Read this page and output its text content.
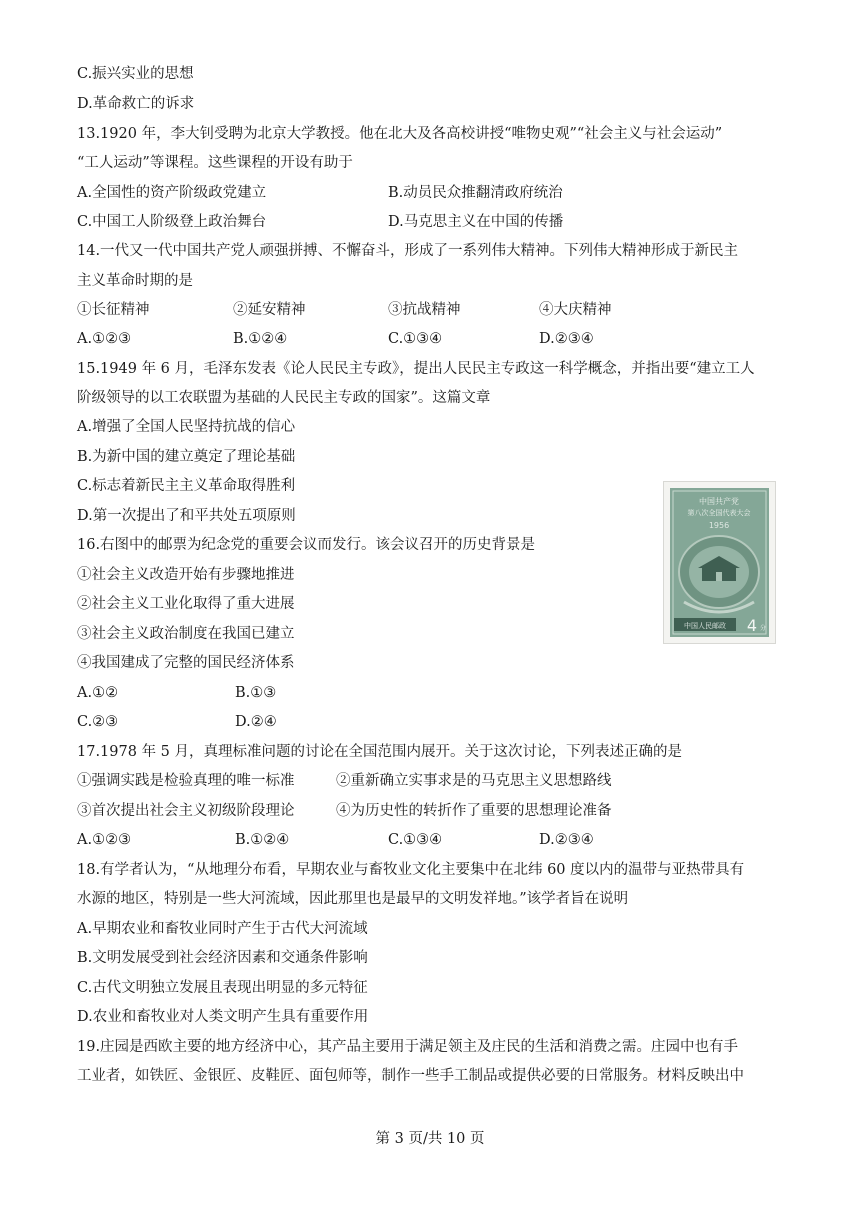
C.振兴实业的思想
D.革命救亡的诉求
13.1920 年，李大钊受聘为北京大学教授。他在北大及各高校讲授“唯物史观”“社会主义与社会运动”
“工人运动”等课程。这些课程的开设有助于
A.全国性的资产阶级政党建立	B.动员民众推翻清政府统治
C.中国工人阶级登上政治舞台	D.马克思主义在中国的传播
14.一代又一代中国共产党人顽强拼搏、不懈奋斗，形成了一系列伟大精神。下列伟大精神形成于新民主
主义革命时期的是
①长征精神	②延安精神	③抗战精神	④大庆精神
A.①②③	B.①②④	C.①③④	D.②③④
15.1949 年 6 月，毛泽东发表《论人民民主专政》，提出人民民主专政这一科学概念，并指出要“建立工人
阶级领导的以工农联盟为基础的人民民主专政的国家”。这篇文章
A.增强了全国人民坚持抗战的信心
B.为新中国的建立奠定了理论基础
C.标志着新民主主义革命取得胜利
D.第一次提出了和平共处五项原则
16.右图中的邮票为纪念党的重要会议而发行。该会议召开的历史背景是
①社会主义改造开始有步骤地推进
②社会主义工业化取得了重大进展
③社会主义政治制度在我国已建立
④我国建成了完整的国民经济体系
A.①②	B.①③
C.②③	D.②④
17.1978 年 5 月，真理标准问题的讨论在全国范围内展开。关于这次讨论，下列表述正确的是
①强调实践是检验真理的唯一标准	②重新确立实事求是的马克思主义思想路线
③首次提出社会主义初级阶段理论	④为历史性的转折作了重要的思想理论准备
A.①②③	B.①②④	C.①③④	D.②③④
18.有学者认为，“从地理分布看，早期农业与畜牧业文化主要集中在北纬 60 度以内的温带与亚热带具有
水源的地区，特别是一些大河流域，因此那里也是最早的文明发祥地。”该学者旨在说明
A.早期农业和畜牧业同时产生于古代大河流域
B.文明发展受到社会经济因素和交通条件影响
C.古代文明独立发展且表现出明显的多元特征
D.农业和畜牧业对人类文明产生具有重要作用
19.庄园是西欧主要的地方经济中心，其产品主要用于满足领主及庄民的生活和消费之需。庄园中也有手
工业者，如铁匠、金银匠、皮鞋匠、面包师等，制作一些手工制品或提供必要的日常服务。材料反映出中
中国共产党
第八次全国代表大会
1956
中国人民邮政 4 分
第 3 页/共 10 页
